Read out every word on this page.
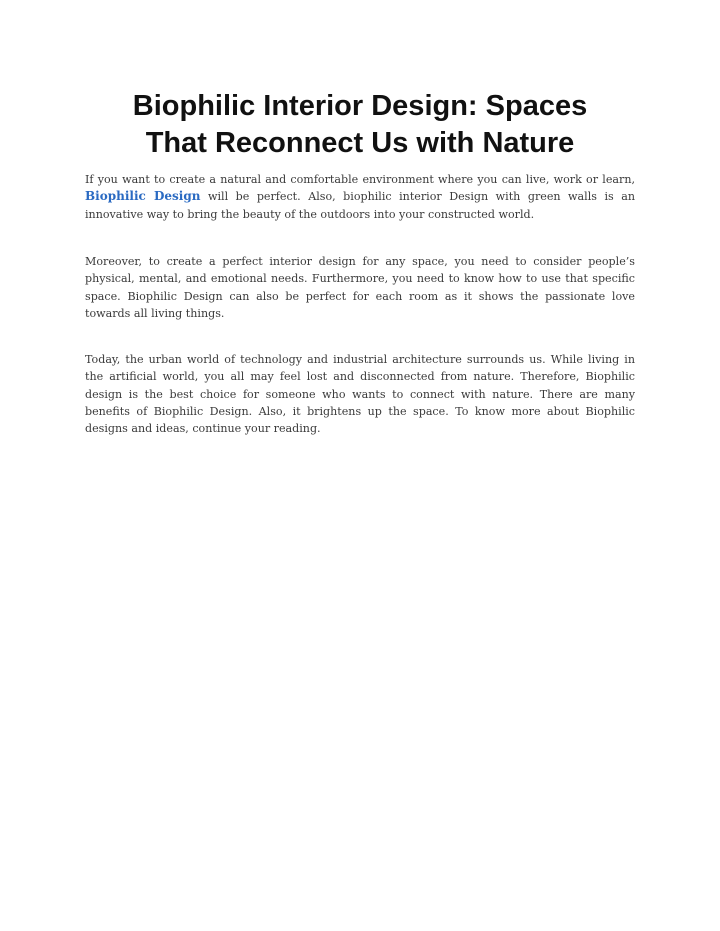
Biophilic Interior Design: Spaces
That Reconnect Us with Nature

If you want to create a natural and comfortable environment where you can live, work or learn, Biophilic Design will be perfect. Also, biophilic interior Design with green walls is an innovative way to bring the beauty of the outdoors into your constructed world.

Moreover, to create a perfect interior design for any space, you need to consider people’s physical, mental, and emotional needs. Furthermore, you need to know how to use that specific space. Biophilic Design can also be perfect for each room as it shows the passionate love towards all living things.

Today, the urban world of technology and industrial architecture surrounds us. While living in the artificial world, you all may feel lost and disconnected from nature. Therefore, Biophilic design is the best choice for someone who wants to connect with nature. There are many benefits of Biophilic Design. Also, it brightens up the space. To know more about Biophilic designs and ideas, continue your reading.
